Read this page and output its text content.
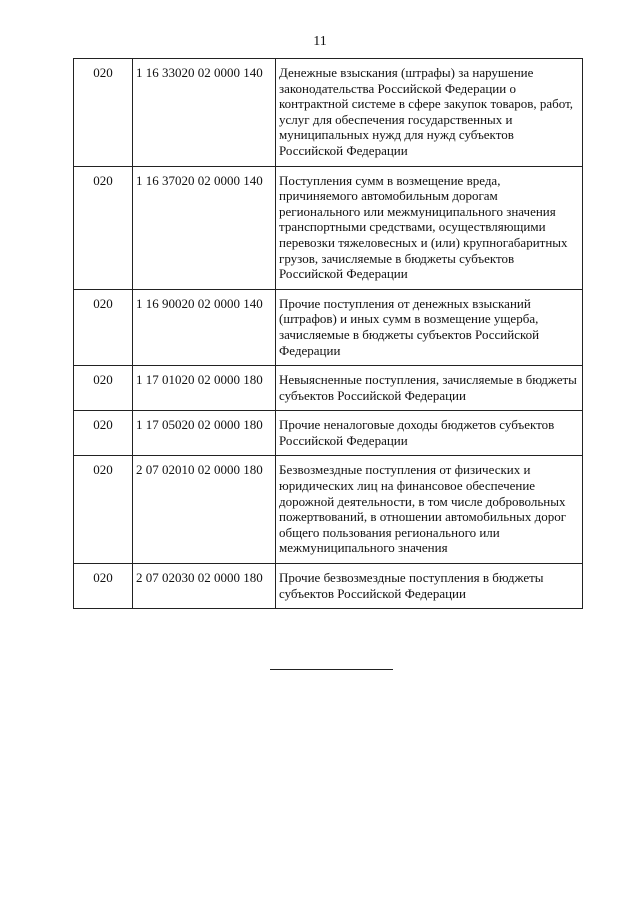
11
020	1 16 33020 02 0000 140	Денежные взыскания (штрафы) за нарушение законодательства Российской Федерации о контрактной системе в сфере закупок товаров, работ, услуг для обеспечения государственных и муниципальных нужд для нужд субъектов Российской Федерации
020	1 16 37020 02 0000 140	Поступления сумм в возмещение вреда, причиняемого автомобильным дорогам регионального или межмуниципального значения транспортными средствами, осуществляющими перевозки тяжеловесных и (или) крупногабаритных грузов, зачисляемые в бюджеты субъектов Российской Федерации
020	1 16 90020 02 0000 140	Прочие поступления от денежных взысканий (штрафов) и иных сумм в возмещение ущерба, зачисляемые в бюджеты субъектов Российской Федерации
020	1 17 01020 02 0000 180	Невыясненные поступления, зачисляемые в бюджеты субъектов Российской Федерации
020	1 17 05020 02 0000 180	Прочие неналоговые доходы бюджетов субъектов Российской Федерации
020	2 07 02010 02 0000 180	Безвозмездные поступления от физических и юридических лиц на финансовое обеспечение дорожной деятельности, в том числе добровольных пожертвований, в отношении автомобильных дорог общего пользования регионального или межмуниципального значения
020	2 07 02030 02 0000 180	Прочие безвозмездные поступления в бюджеты субъектов Российской Федерации
